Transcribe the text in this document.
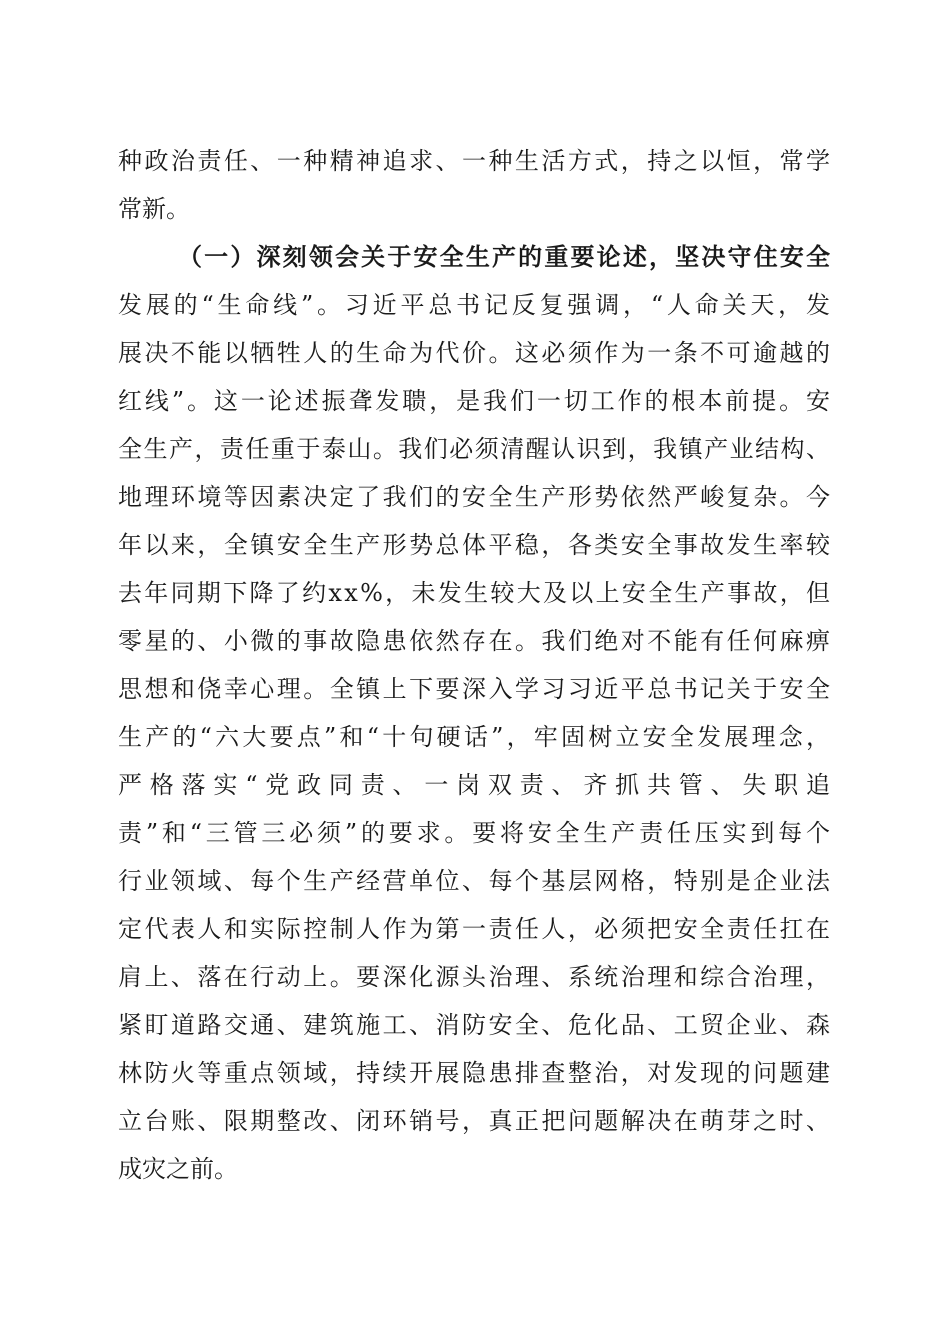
种政治责任、一种精神追求、一种生活方式，持之以恒，常学
常新。
（一）深刻领会关于安全生产的重要论述，坚决守住安全
发展的“生命线”。习近平总书记反复强调，“人命关天，发
展决不能以牺牲人的生命为代价。这必须作为一条不可逾越的
红线”。这一论述振聋发聩，是我们一切工作的根本前提。安
全生产，责任重于泰山。我们必须清醒认识到，我镇产业结构、
地理环境等因素决定了我们的安全生产形势依然严峻复杂。今
年以来，全镇安全生产形势总体平稳，各类安全事故发生率较
去年同期下降了约xx%，未发生较大及以上安全生产事故，但
零星的、小微的事故隐患依然存在。我们绝对不能有任何麻痹
思想和侥幸心理。全镇上下要深入学习习近平总书记关于安全
生产的“六大要点”和“十句硬话”，牢固树立安全发展理念，
严格落实“党政同责、一岗双责、齐抓共管、失职追
责”和“三管三必须”的要求。要将安全生产责任压实到每个
行业领域、每个生产经营单位、每个基层网格，特别是企业法
定代表人和实际控制人作为第一责任人，必须把安全责任扛在
肩上、落在行动上。要深化源头治理、系统治理和综合治理，
紧盯道路交通、建筑施工、消防安全、危化品、工贸企业、森
林防火等重点领域，持续开展隐患排查整治，对发现的问题建
立台账、限期整改、闭环销号，真正把问题解决在萌芽之时、
成灾之前。
